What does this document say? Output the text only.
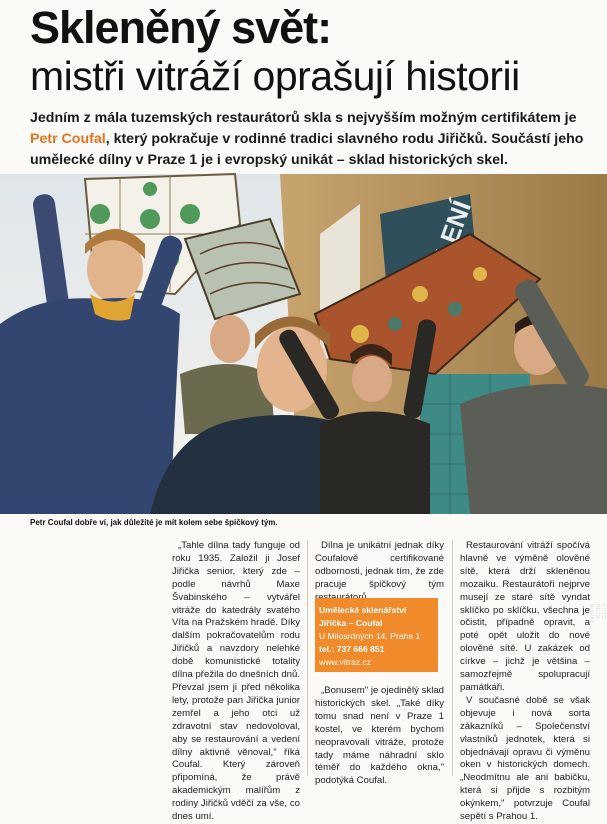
Skleněný svět:
mistři vitráží oprašují historii
Jedním z mála tuzemských restaurátorů skla s nejvyšším možným certifikátem je Petr Coufal, který pokračuje v rodinné tradici slavného rodu Jiřičků. Součástí jeho umělecké dílny v Praze 1 je i evropský unikát – sklad historických skel.
FOTO: PETR NOVÁK
Petr Coufal dobře ví, jak důležité je mít kolem sebe špičkový tým.

„Tahle dílna tady funguje od roku 1935. Založil ji Josef Jiřička senior, který zde – podle návrhů Maxe Švabinského – vytvářel vitráže do katedrály svatého Víta na Pražském hradě. Díky dalším pokračovatelům rodu Jiřičků a navzdory nelehké době komunistické totality dílna přežila do dnešních dnů. Převzal jsem ji před několika lety, protože pan Jiřička junior zemřel a jeho otci už zdravotní stav nedovoloval, aby se restaurování a vedení dílny aktivně věnoval," říká Coufal. Který zároveň připomíná, že právě akademickým malířům z rodiny Jiřičků vděčí za vše, co dnes umí.

Dílna je unikátní jednak díky Coufalově certifikované odbornosti, jednak tím, že zde pracuje špičkový tým

Umělecké sklenářství
Jiřička – Coufal
U Milosrdných 14, Praha 1
tel.: 737 666 851
www.vitraz.cz

„Bonusem" je ojedinělý sklad historických skel. „Také díky tomu snad není v Praze 1 kostel, ve kterém bychom neopravovali vitráže, protože tady máme náhradní sklo téměř do každého okna," podotýká Coufal.

Restaurování vitráží spočívá hlavně ve výměně olověné sítě, která drží skleněnou mozaiku. Restaurátoři nejprve musejí ze staré sítě vyndat sklíčko po sklíčku, všechna je očistit, případně opravit, a poté opět uložit do nové olověné sítě. U zakázek od církve – jichž je většina – samozřejmě spolupracují památkáři.

V současné době se však objevuje i nová sorta zákazníků – Společenství vlastníků jednotek, která si objednávají opravu či výměnu oken v historických domech. „Neodmítnu ale ani babičku, která si přijde s rozbitým okýnkem," potvrzuje Coufal sepětí s Prahou 1.
